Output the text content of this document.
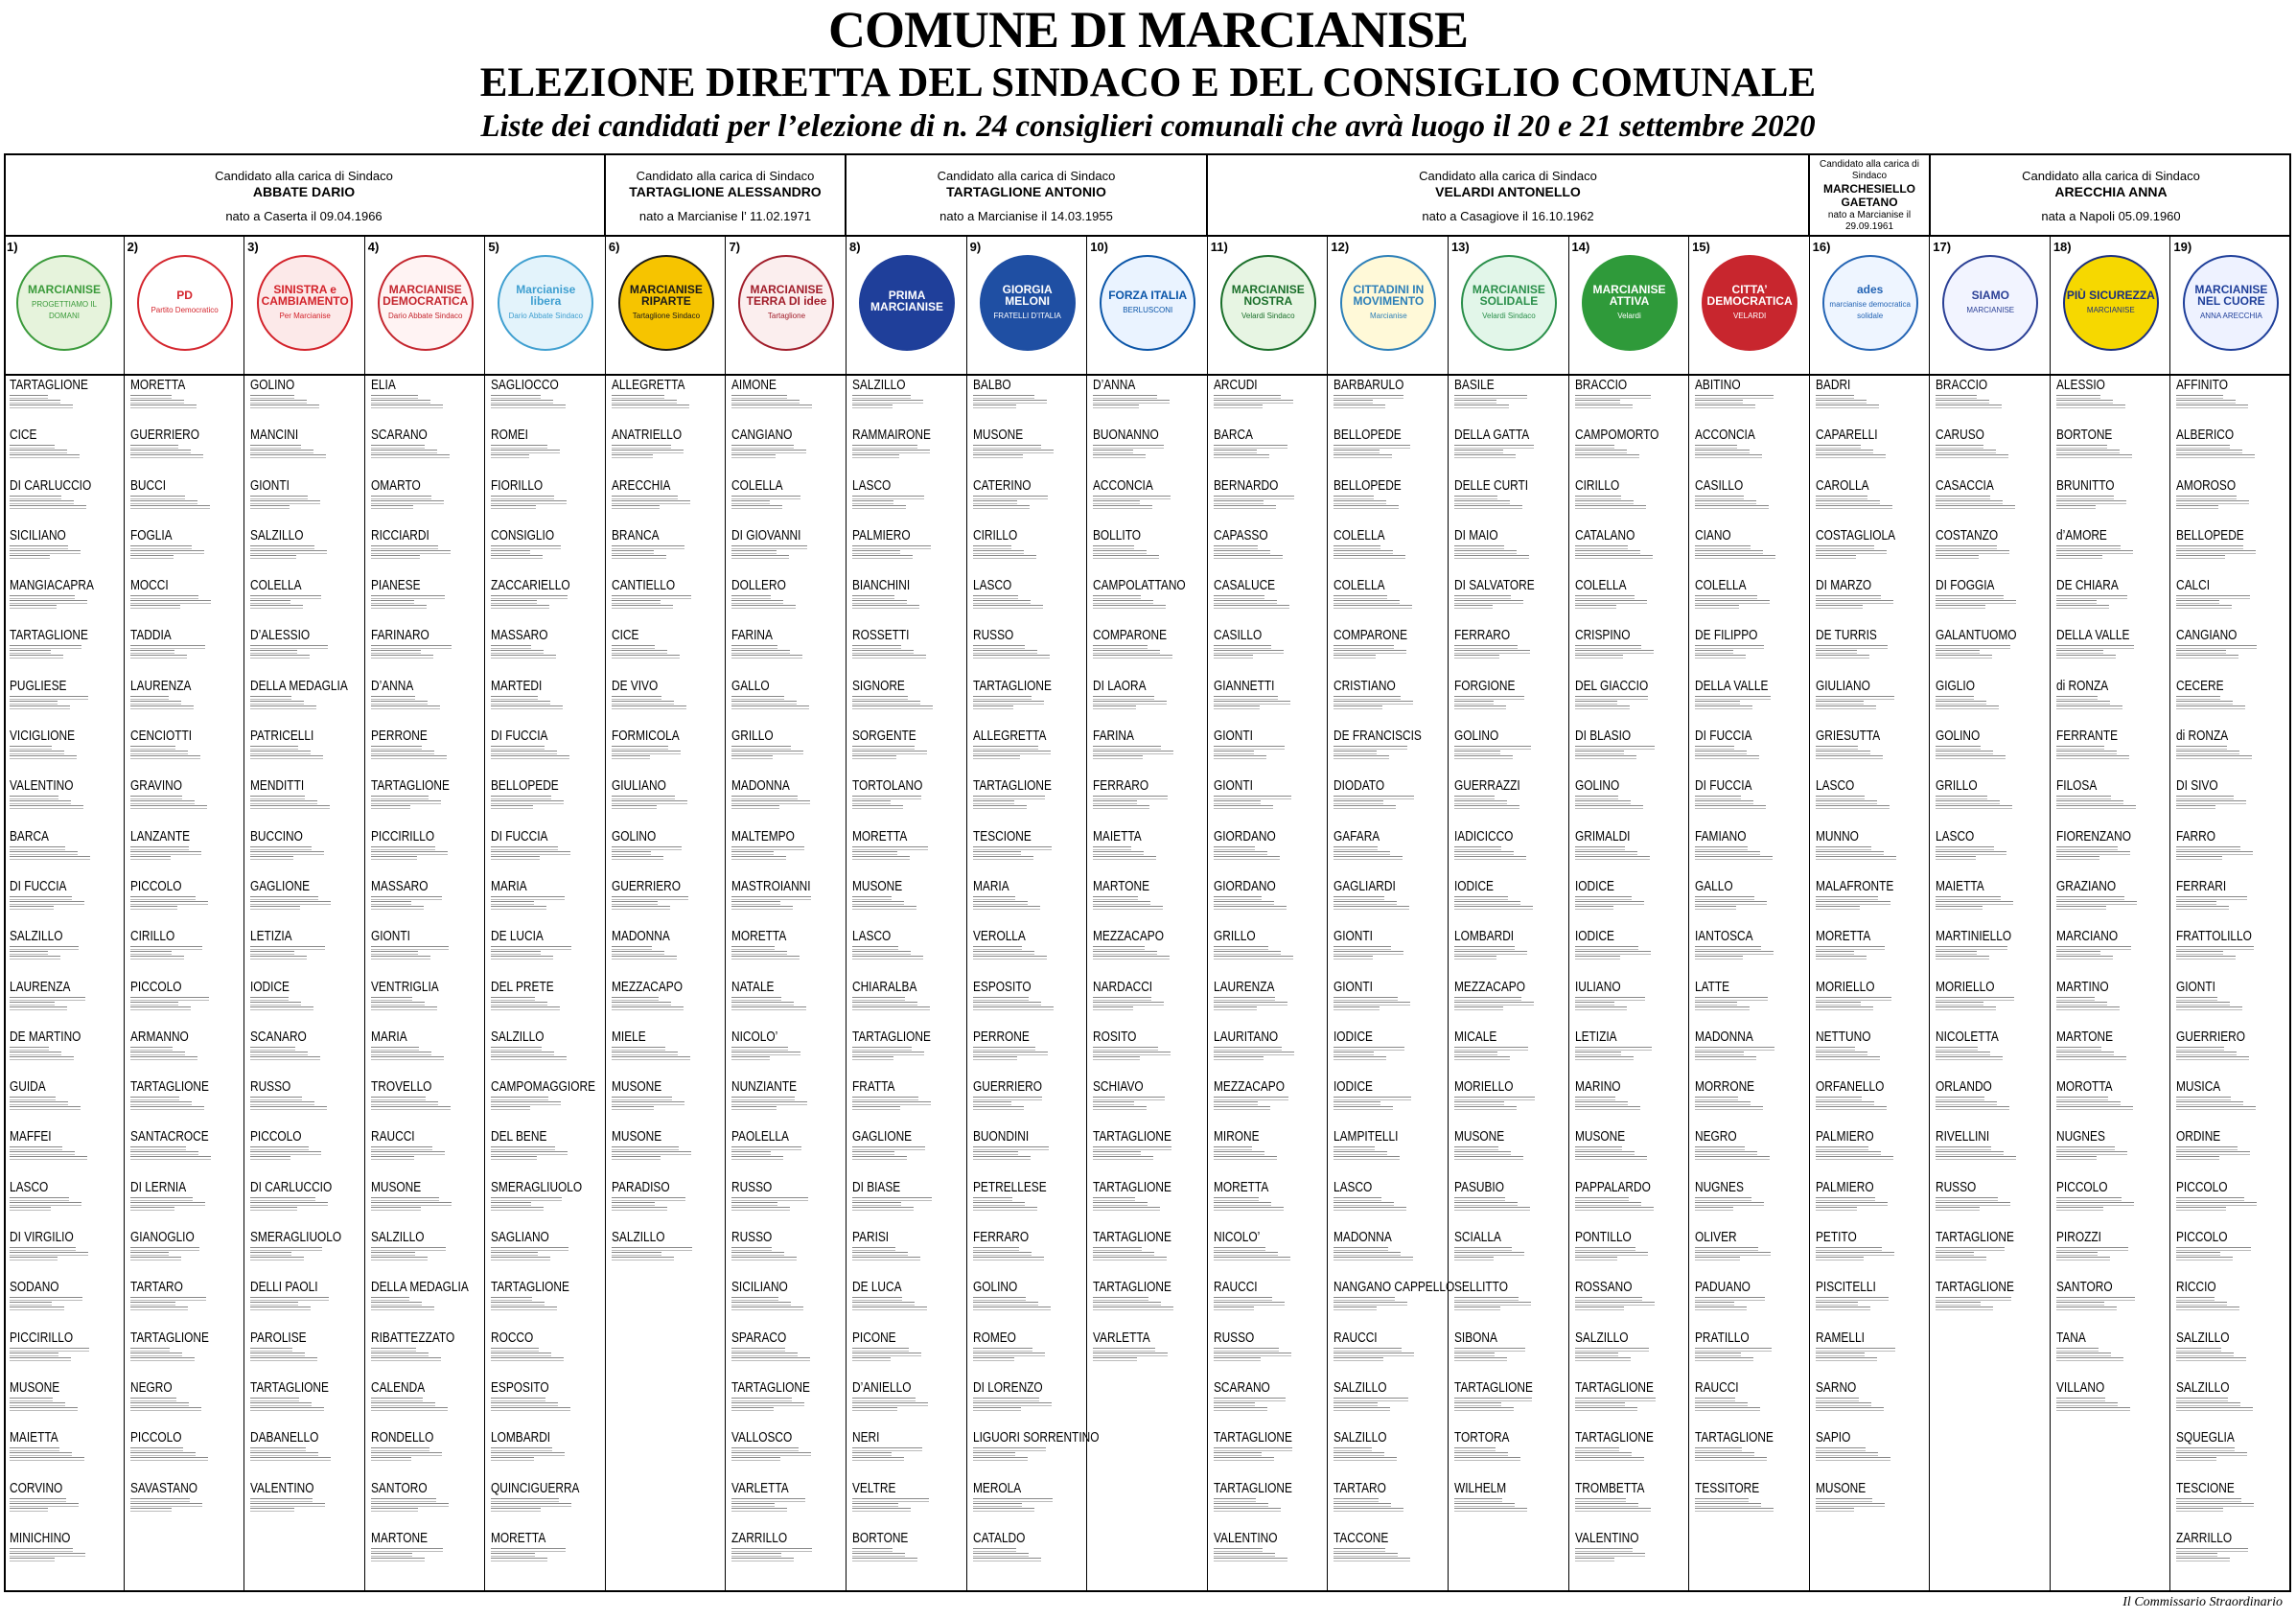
COMUNE DI MARCIANISE
ELEZIONE DIRETTA DEL SINDACO E DEL CONSIGLIO COMUNALE
Liste dei candidati per l’elezione di n. 24 consiglieri comunali che avrà luogo il 20 e 21 settembre 2020
Candidato alla carica di Sindaco
ABBATE DARIO
nato a Caserta il 09.04.1966
Candidato alla carica di Sindaco
TARTAGLIONE ALESSANDRO
nato a Marcianise l’ 11.02.1971
Candidato alla carica di Sindaco
TARTAGLIONE ANTONIO
nato a Marcianise il 14.03.1955
Candidato alla carica di Sindaco
VELARDI ANTONELLO
nato a Casagiove il 16.10.1962
Candidato alla carica di Sindaco
MARCHESIELLO GAETANO
nato a Marcianise il 29.09.1961
Candidato alla carica di Sindaco
ARECCHIA ANNA
nata a Napoli 05.09.1960
1)
MARCIANISE
PROGETTIAMO IL DOMANI
TARTAGLIONE
CICE
DI CARLUCCIO
SICILIANO
MANGIACAPRA
TARTAGLIONE
PUGLIESE
VICIGLIONE
VALENTINO
BARCA
DI FUCCIA
SALZILLO
LAURENZA
DE MARTINO
GUIDA
MAFFEI
LASCO
DI VIRGILIO
SODANO
PICCIRILLO
MUSONE
MAIETTA
CORVINO
MINICHINO
2)
PD
Partito Democratico
MORETTA
GUERRIERO
BUCCI
FOGLIA
MOCCI
TADDIA
LAURENZA
CENCIOTTI
GRAVINO
LANZANTE
PICCOLO
CIRILLO
PICCOLO
ARMANNO
TARTAGLIONE
SANTACROCE
DI LERNIA
GIANOGLIO
TARTARO
TARTAGLIONE
NEGRO
PICCOLO
SAVASTANO
3)
SINISTRA e CAMBIAMENTO
Per Marcianise
GOLINO
MANCINI
GIONTI
SALZILLO
COLELLA
D’ALESSIO
DELLA MEDAGLIA
PATRICELLI
MENDITTI
BUCCINO
GAGLIONE
LETIZIA
IODICE
SCANARO
RUSSO
PICCOLO
DI CARLUCCIO
SMERAGLIUOLO
DELLI PAOLI
PAROLISE
TARTAGLIONE
DABANELLO
VALENTINO
4)
MARCIANISE DEMOCRATICA
Dario Abbate Sindaco
ELIA
SCARANO
OMARTO
RICCIARDI
PIANESE
FARINARO
D’ANNA
PERRONE
TARTAGLIONE
PICCIRILLO
MASSARO
GIONTI
VENTRIGLIA
MARIA
TROVELLO
RAUCCI
MUSONE
SALZILLO
DELLA MEDAGLIA
RIBATTEZZATO
CALENDA
RONDELLO
SANTORO
MARTONE
5)
Marcianise libera
Dario Abbate Sindaco
SAGLIOCCO
ROMEI
FIORILLO
CONSIGLIO
ZACCARIELLO
MASSARO
MARTEDI
DI FUCCIA
BELLOPEDE
DI FUCCIA
MARIA
DE LUCIA
DEL PRETE
SALZILLO
CAMPOMAGGIORE
DEL BENE
SMERAGLIUOLO
SAGLIANO
TARTAGLIONE
ROCCO
ESPOSITO
LOMBARDI
QUINCIGUERRA
MORETTA
6)
MARCIANISE RIPARTE
Tartaglione Sindaco
ALLEGRETTA
ANATRIELLO
ARECCHIA
BRANCA
CANTIELLO
CICE
DE VIVO
FORMICOLA
GIULIANO
GOLINO
GUERRIERO
MADONNA
MEZZACAPO
MIELE
MUSONE
MUSONE
PARADISO
SALZILLO
7)
MARCIANISE TERRA DI idee
Tartaglione
AIMONE
CANGIANO
COLELLA
DI GIOVANNI
DOLLERO
FARINA
GALLO
GRILLO
MADONNA
MALTEMPO
MASTROIANNI
MORETTA
NATALE
NICOLO’
NUNZIANTE
PAOLELLA
RUSSO
RUSSO
SICILIANO
SPARACO
TARTAGLIONE
VALLOSCO
VARLETTA
ZARRILLO
8)
PRIMA MARCIANISE
SALZILLO
RAMMAIRONE
LASCO
PALMIERO
BIANCHINI
ROSSETTI
SIGNORE
SORGENTE
TORTOLANO
MORETTA
MUSONE
LASCO
CHIARALBA
TARTAGLIONE
FRATTA
GAGLIONE
DI BIASE
PARISI
DE LUCA
PICONE
D’ANIELLO
NERI
VELTRE
BORTONE
9)
GIORGIA MELONI
FRATELLI D’ITALIA
BALBO
MUSONE
CATERINO
CIRILLO
LASCO
RUSSO
TARTAGLIONE
ALLEGRETTA
TARTAGLIONE
TESCIONE
MARIA
VEROLLA
ESPOSITO
PERRONE
GUERRIERO
BUONDINI
PETRELLESE
FERRARO
GOLINO
ROMEO
DI LORENZO
LIGUORI SORRENTINO
MEROLA
CATALDO
10)
FORZA ITALIA
BERLUSCONI
D’ANNA
BUONANNO
ACCONCIA
BOLLITO
CAMPOLATTANO
COMPARONE
DI LAORA
FARINA
FERRARO
MAIETTA
MARTONE
MEZZACAPO
NARDACCI
ROSITO
SCHIAVO
TARTAGLIONE
TARTAGLIONE
TARTAGLIONE
TARTAGLIONE
VARLETTA
11)
MARCIANISE NOSTRA
Velardi Sindaco
ARCUDI
BARCA
BERNARDO
CAPASSO
CASALUCE
CASILLO
GIANNETTI
GIONTI
GIONTI
GIORDANO
GIORDANO
GRILLO
LAURENZA
LAURITANO
MEZZACAPO
MIRONE
MORETTA
NICOLO’
RAUCCI
RUSSO
SCARANO
TARTAGLIONE
TARTAGLIONE
VALENTINO
12)
CITTADINI IN MOVIMENTO
Marcianise
BARBARULO
BELLOPEDE
BELLOPEDE
COLELLA
COLELLA
COMPARONE
CRISTIANO
DE FRANCISCIS
DIODATO
GAFARA
GAGLIARDI
GIONTI
GIONTI
IODICE
IODICE
LAMPITELLI
LASCO
MADONNA
NANGANO CAPPELLO
RAUCCI
SALZILLO
SALZILLO
TARTARO
TACCONE
13)
MARCIANISE SOLIDALE
Velardi Sindaco
BASILE
DELLA GATTA
DELLE CURTI
DI MAIO
DI SALVATORE
FERRARO
FORGIONE
GOLINO
GUERRAZZI
IADICICCO
IODICE
LOMBARDI
MEZZACAPO
MICALE
MORIELLO
MUSONE
PASUBIO
SCIALLA
SELLITTO
SIBONA
TARTAGLIONE
TORTORA
WILHELM
14)
MARCIANISE ATTIVA
Velardi
BRACCIO
CAMPOMORTO
CIRILLO
CATALANO
COLELLA
CRISPINO
DEL GIACCIO
DI BLASIO
GOLINO
GRIMALDI
IODICE
IODICE
IULIANO
LETIZIA
MARINO
MUSONE
PAPPALARDO
PONTILLO
ROSSANO
SALZILLO
TARTAGLIONE
TARTAGLIONE
TROMBETTA
VALENTINO
15)
CITTA’ DEMOCRATICA
VELARDI
ABITINO
ACCONCIA
CASILLO
CIANO
COLELLA
DE FILIPPO
DELLA VALLE
DI FUCCIA
DI FUCCIA
FAMIANO
GALLO
IANTOSCA
LATTE
MADONNA
MORRONE
NEGRO
NUGNES
OLIVER
PADUANO
PRATILLO
RAUCCI
TARTAGLIONE
TESSITORE
16)
ades
marcianise democratica solidale
BADRI
CAPARELLI
CAROLLA
COSTAGLIOLA
DI MARZO
DE TURRIS
GIULIANO
GRIESUTTA
LASCO
MUNNO
MALAFRONTE
MORETTA
MORIELLO
NETTUNO
ORFANELLO
PALMIERO
PALMIERO
PETITO
PISCITELLI
RAMELLI
SARNO
SAPIO
MUSONE
17)
SIAMO
MARCIANISE
BRACCIO
CARUSO
CASACCIA
COSTANZO
DI FOGGIA
GALANTUOMO
GIGLIO
GOLINO
GRILLO
LASCO
MAIETTA
MARTINIELLO
MORIELLO
NICOLETTA
ORLANDO
RIVELLINI
RUSSO
TARTAGLIONE
TARTAGLIONE
18)
PIÙ SICUREZZA
MARCIANISE
ALESSIO
BORTONE
BRUNITTO
d’AMORE
DE CHIARA
DELLA VALLE
di RONZA
FERRANTE
FILOSA
FIORENZANO
GRAZIANO
MARCIANO
MARTINO
MARTONE
MOROTTA
NUGNES
PICCOLO
PIROZZI
SANTORO
TANA
VILLANO
19)
MARCIANISE NEL CUORE
ANNA ARECCHIA
AFFINITO
ALBERICO
AMOROSO
BELLOPEDE
CALCI
CANGIANO
CECERE
di RONZA
DI SIVO
FARRO
FERRARI
FRATTOLILLO
GIONTI
GUERRIERO
MUSICA
ORDINE
PICCOLO
PICCOLO
RICCIO
SALZILLO
SALZILLO
SQUEGLIA
TESCIONE
ZARRILLO
Il Commissario Straordinario
